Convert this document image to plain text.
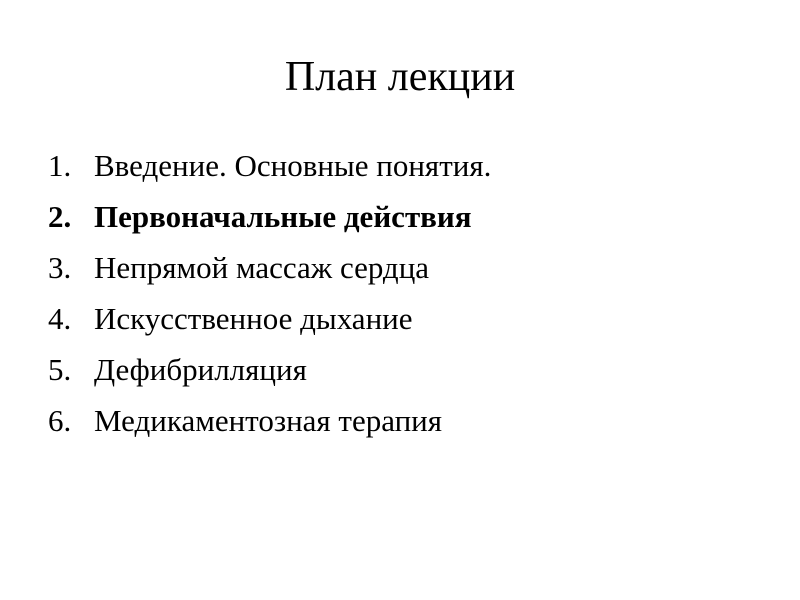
План лекции
1. Введение. Основные понятия.
2. Первоначальные действия
3. Непрямой массаж сердца
4. Искусственное дыхание
5. Дефибрилляция
6. Медикаментозная терапия
